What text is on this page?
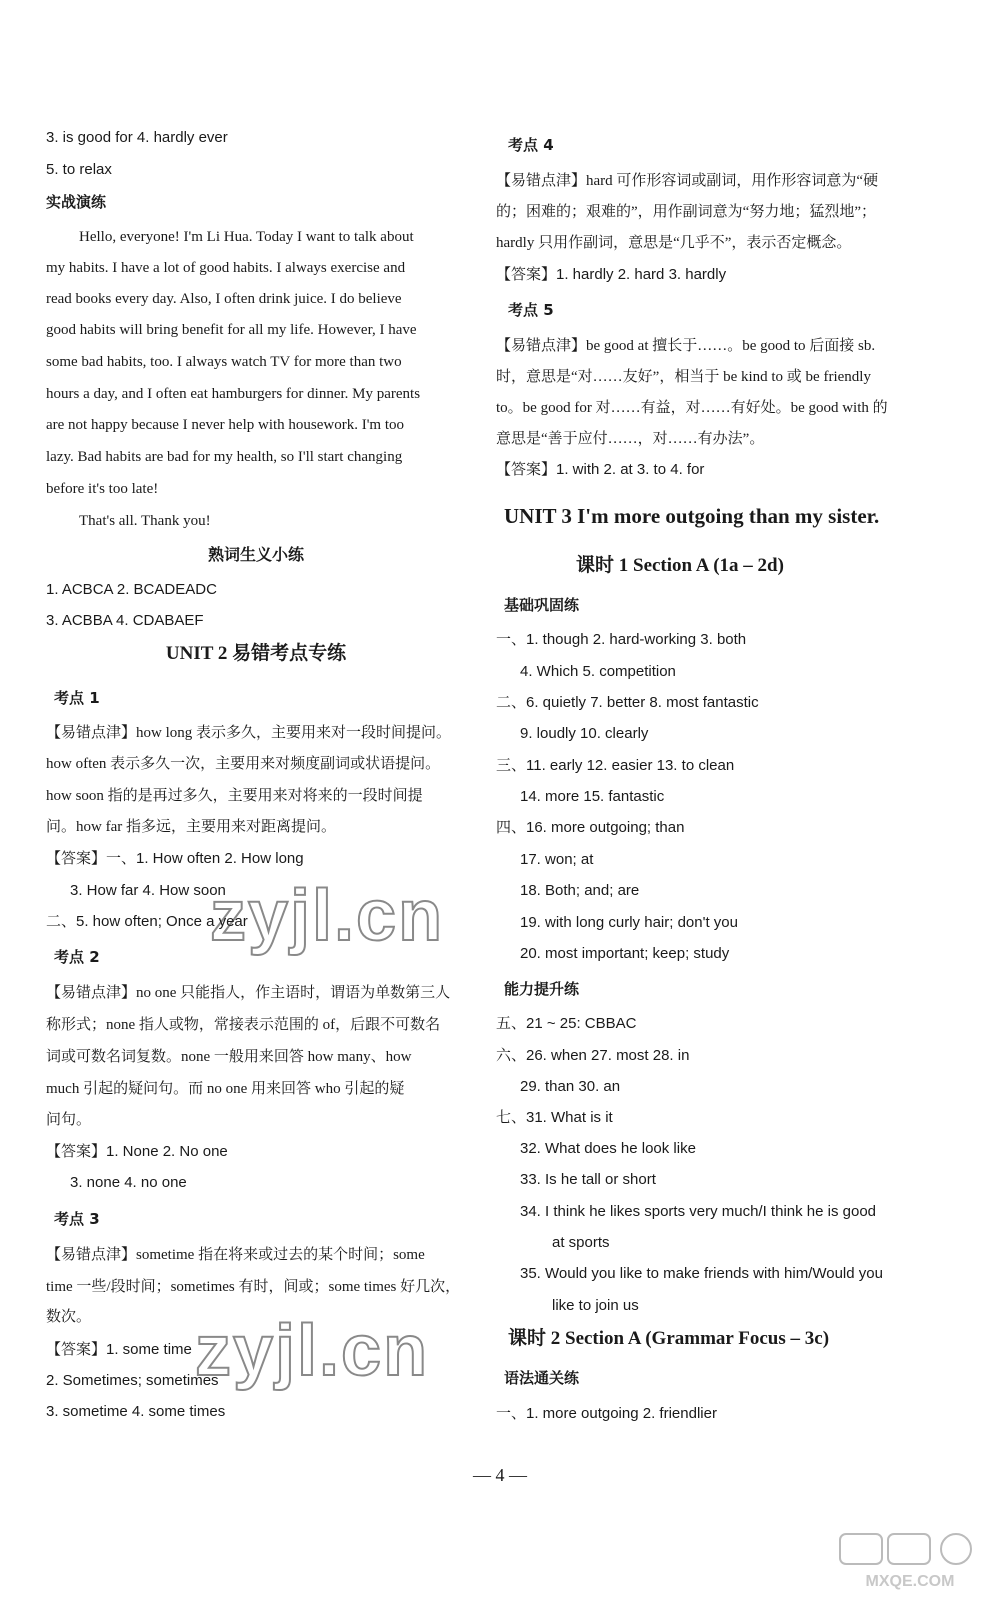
3. is good for 4. hardly ever
5. to relax
实战演练
Hello, everyone! I'm Li Hua. Today I want to talk about
my habits. I have a lot of good habits. I always exercise and
read books every day. Also, I often drink juice. I do believe
good habits will bring benefit for all my life. However, I have
some bad habits, too. I always watch TV for more than two
hours a day, and I often eat hamburgers for dinner. My parents
are not happy because I never help with housework. I'm too
lazy. Bad habits are bad for my health, so I'll start changing
before it's too late!
That's all. Thank you!
熟词生义小练
1. ACBCA 2. BCADEADC
3. ACBBA 4. CDABAEF
UNIT 2 易错考点专练
考点 1
【易错点津】how long 表示多久，主要用来对一段时间提问。
how often 表示多久一次，主要用来对频度副词或状语提问。
how soon 指的是再过多久，主要用来对将来的一段时间提
问。how far 指多远，主要用来对距离提问。
【答案】一、1. How often 2. How long
3. How far 4. How soon
二、5. how often; Once a year
考点 2
【易错点津】no one 只能指人，作主语时，谓语为单数第三人
称形式；none 指人或物，常接表示范围的 of，后跟不可数名
词或可数名词复数。none 一般用来回答 how many、how
much 引起的疑问句。而 no one 用来回答 who 引起的疑
问句。
【答案】1. None 2. No one
3. none 4. no one
考点 3
【易错点津】sometime 指在将来或过去的某个时间；some
time 一些/段时间；sometimes 有时，间或；some times 好几次，
数次。
【答案】1. some time
2. Sometimes; sometimes
3. sometime 4. some times
考点 4
【易错点津】hard 可作形容词或副词，用作形容词意为“硬
的；困难的；艰难的”，用作副词意为“努力地；猛烈地”；
hardly 只用作副词，意思是“几乎不”，表示否定概念。
【答案】1. hardly 2. hard 3. hardly
考点 5
【易错点津】be good at 擅长于……。be good to 后面接 sb.
时，意思是“对……友好”，相当于 be kind to 或 be friendly
to。be good for 对……有益，对……有好处。be good with 的
意思是“善于应付……，对……有办法”。
【答案】1. with 2. at 3. to 4. for
UNIT 3 I'm more outgoing than my sister.
课时 1 Section A (1a – 2d)
基础巩固练
一、1. though 2. hard-working 3. both
4. Which 5. competition
二、6. quietly 7. better 8. most fantastic
9. loudly 10. clearly
三、11. early 12. easier 13. to clean
14. more 15. fantastic
四、16. more outgoing; than
17. won; at
18. Both; and; are
19. with long curly hair; don't you
20. most important; keep; study
能力提升练
五、21 ~ 25: CBBAC
六、26. when 27. most 28. in
29. than 30. an
七、31. What is it
32. What does he look like
33. Is he tall or short
34. I think he likes sports very much/I think he is good
at sports
35. Would you like to make friends with him/Would you
like to join us
课时 2 Section A (Grammar Focus – 3c)
语法通关练
一、1. more outgoing 2. friendlier
zyjl.cn
zyjl.cn
— 4 —
MXQE.COM
